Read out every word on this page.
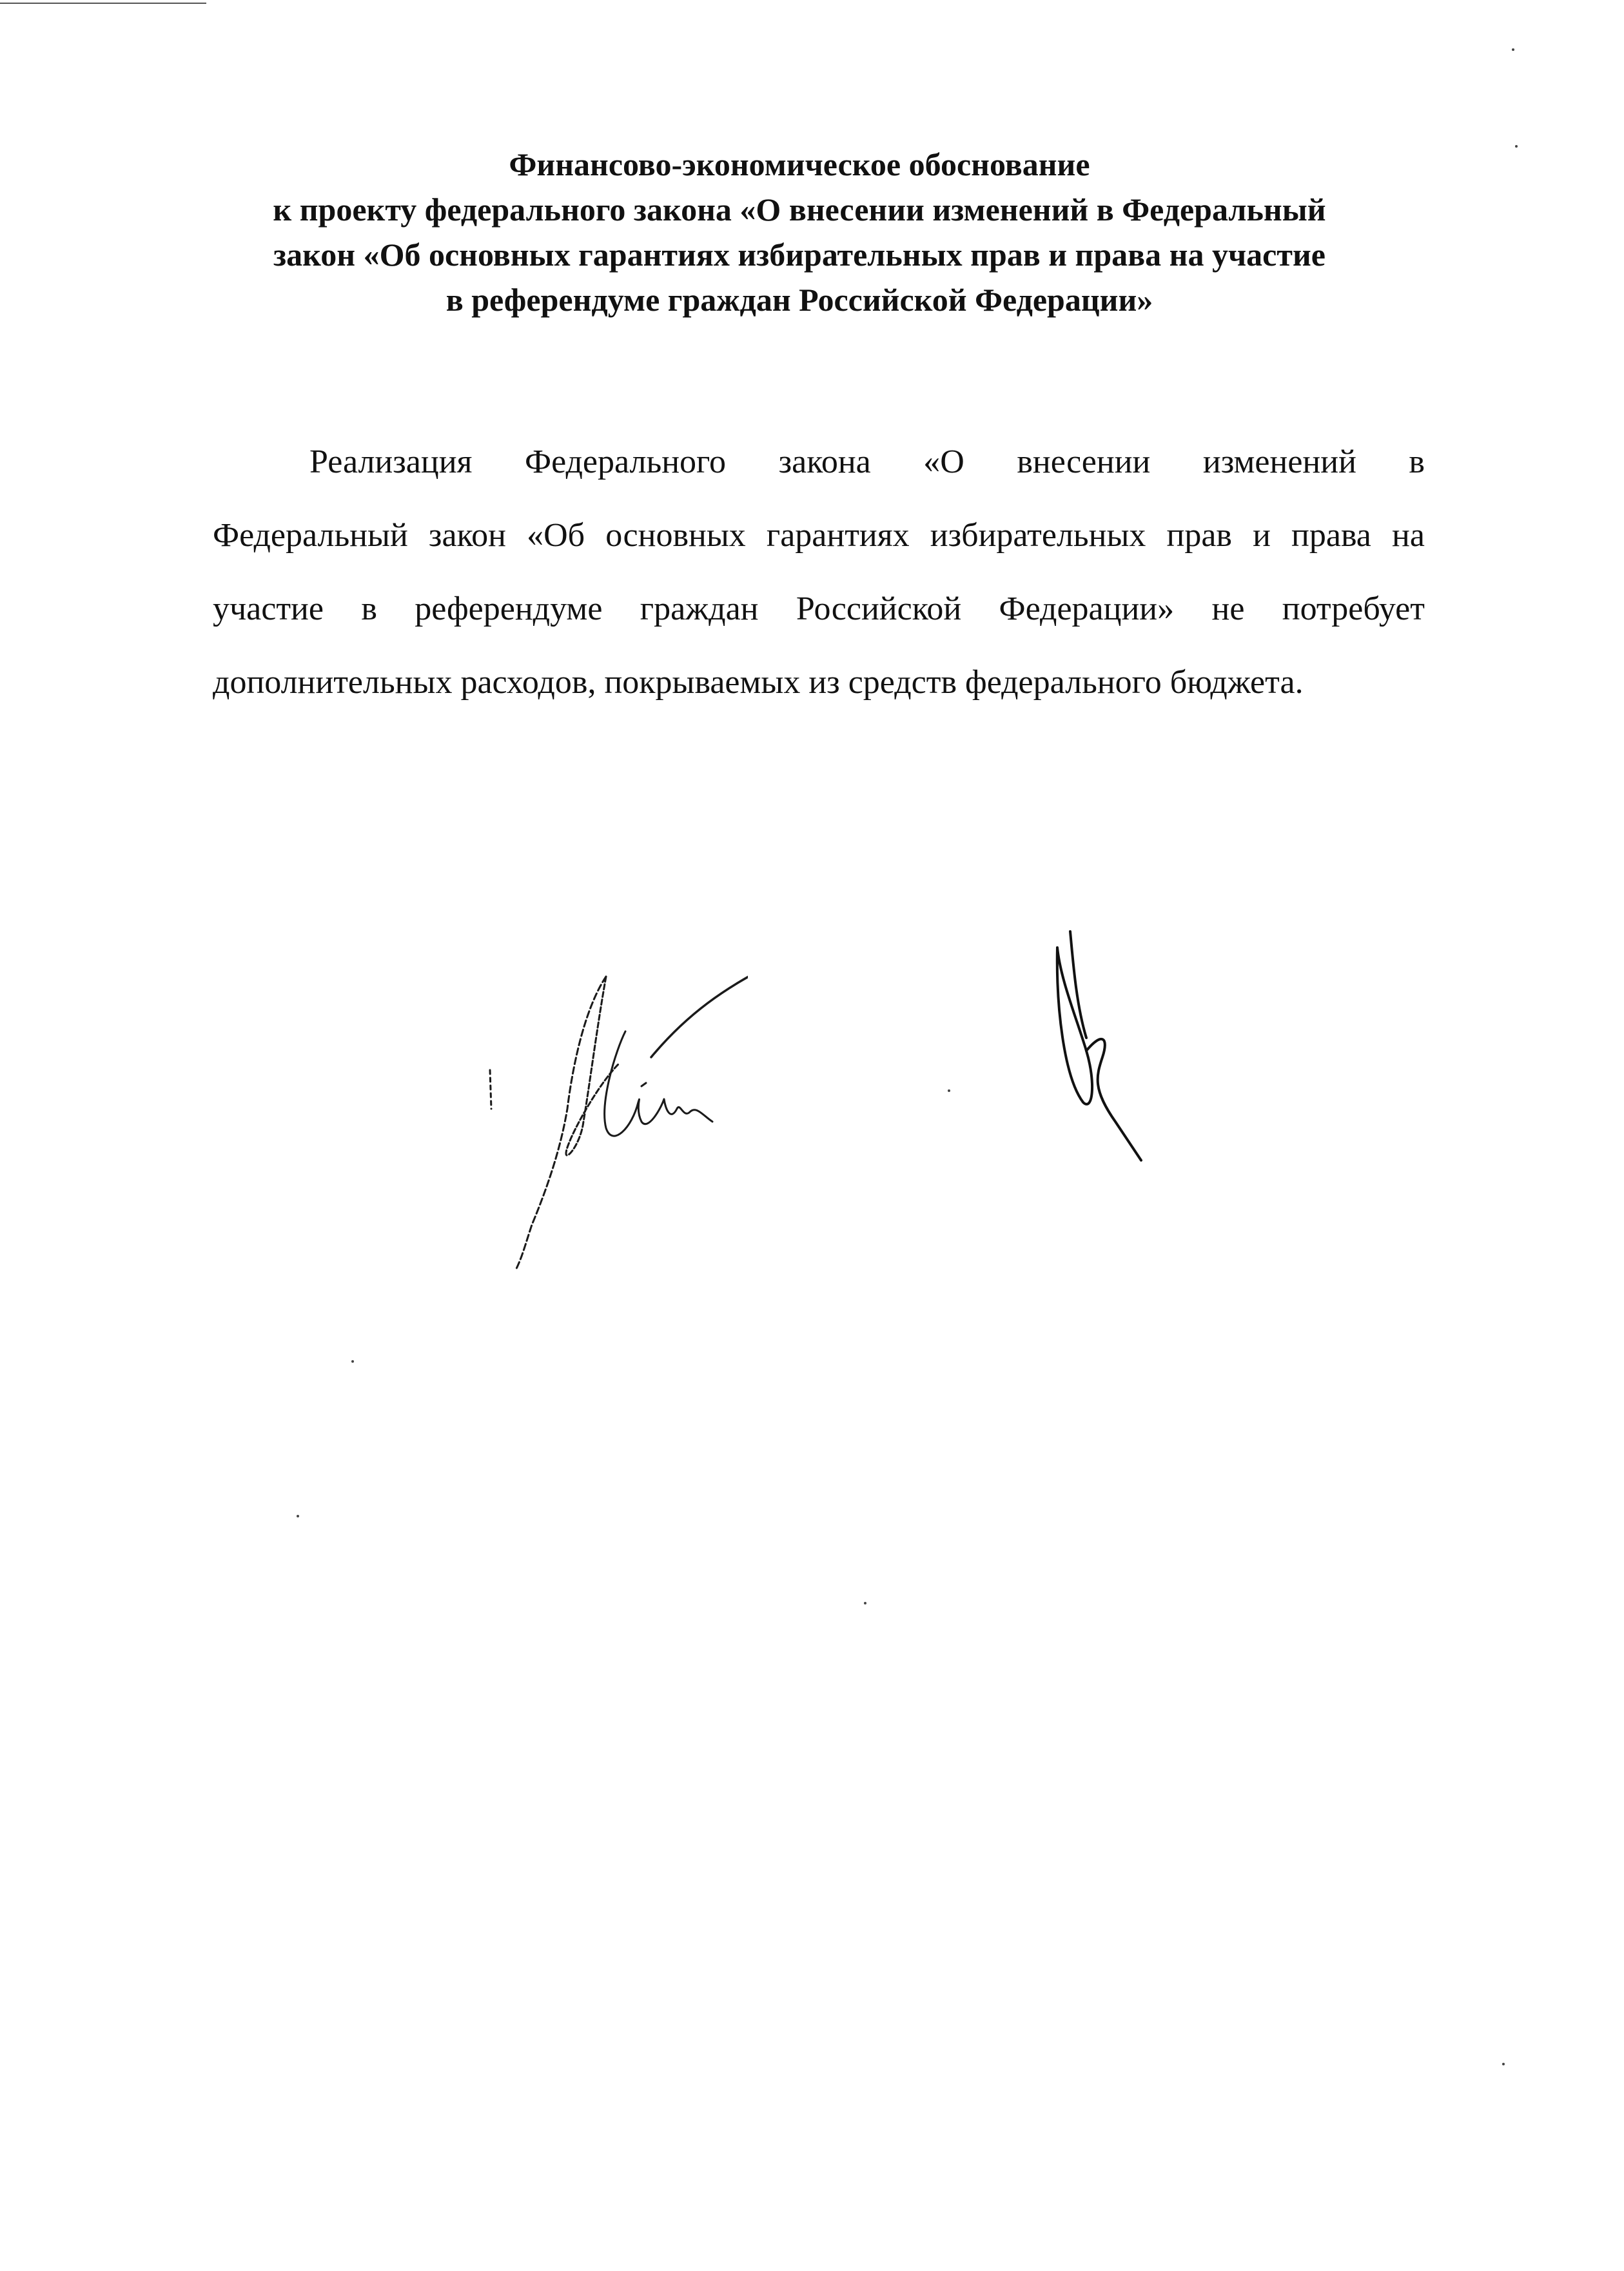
Финансово-экономическое обоснование
к проекту федерального закона «О внесении изменений в Федеральный
закон «Об основных гарантиях избирательных прав и права на участие
в референдуме граждан Российской Федерации»
Реализация Федерального закона «О внесении изменений в
Федеральный закон «Об основных гарантиях избирательных прав и права на
участие в референдуме граждан Российской Федерации» не потребует
дополнительных расходов, покрываемых из средств федерального бюджета.
